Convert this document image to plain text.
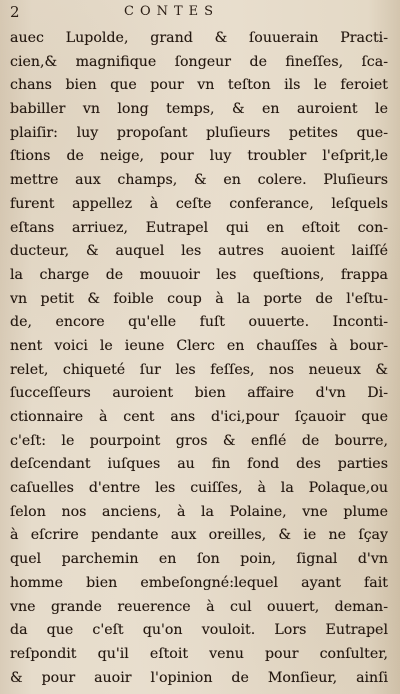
2	CONTES
auec Lupolde, grand & ſouuerain Practi-
cien,& magnifique ſongeur de fineſſes, ſca-
chans bien que pour vn teſton ils le feroiet
babiller vn long temps, & en auroient le
plaiſir: luy propoſant pluſieurs petites que-
ſtions de neige, pour luy troubler l'eſprit,le
mettre aux champs, & en colere. Pluſieurs
furent appellez à ceſte conferance, leſquels
eſtans arriuez, Eutrapel qui en eſtoit con-
ducteur, & auquel les autres auoient laiſſé
la charge de mouuoir les queſtions, frappa
vn petit & foible coup à la porte de l'eſtu-
de, encore qu'elle fuſt ouuerte. Inconti-
nent voici le ieune Clerc en chauſſes à bour-
relet, chiqueté ſur les feſſes, nos neueux &
ſucceſſeurs auroient bien affaire d'vn Di-
ctionnaire à cent ans d'ici,pour ſçauoir que
c'eſt: le pourpoint gros & enflé de bourre,
deſcendant iuſques au fin fond des parties
caſuelles d'entre les cuiſſes, à la Polaque,ou
ſelon nos anciens, à la Polaine, vne plume
à eſcrire pendante aux oreilles, & ie ne ſçay
quel parchemin en ſon poin, ſignal d'vn
homme bien embeſongné:lequel ayant fait
vne grande reuerence à cul ouuert, deman-
da que c'eſt qu'on vouloit. Lors Eutrapel
reſpondit qu'il eſtoit venu pour conſulter,
& pour auoir l'opinion de Monſieur, ainſi
